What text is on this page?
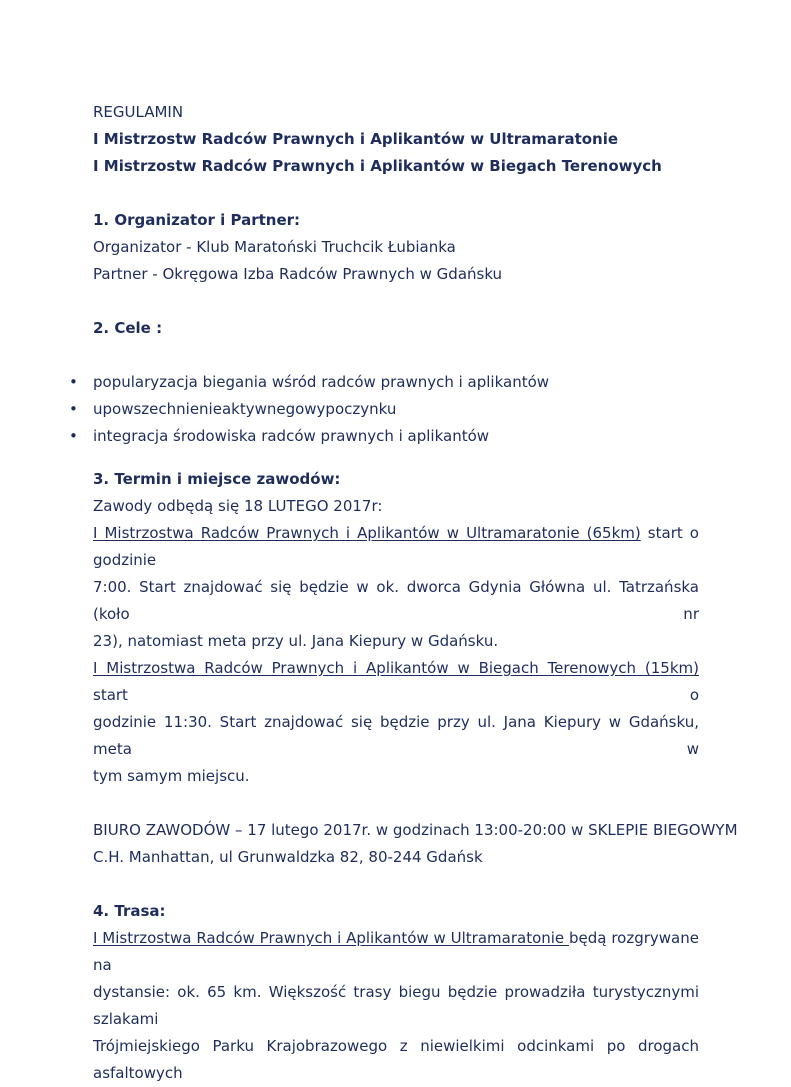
REGULAMIN
I Mistrzostw Radców Prawnych i Aplikantów w Ultramaratonie
I Mistrzostw Radców Prawnych i Aplikantów w Biegach Terenowych
1. Organizator i Partner:
Organizator - Klub Maratoński Truchcik Łubianka
Partner - Okręgowa Izba Radców Prawnych w Gdańsku
2. Cele :
• popularyzacja biegania wśród radców prawnych i aplikantów
• upowszechnienieaktywnegowypoczynku
• integracja środowiska radców prawnych i aplikantów
3. Termin i miejsce zawodów:
Zawody odbędą się 18 LUTEGO 2017r:
I Mistrzostwa Radców Prawnych i Aplikantów w Ultramaratonie (65km) start o godzinie
7:00. Start znajdować się będzie w ok. dworca Gdynia Główna ul. Tatrzańska (koło nr
23), natomiast meta przy ul. Jana Kiepury w Gdańsku.
I Mistrzostwa Radców Prawnych i Aplikantów w Biegach Terenowych (15km) start o
godzinie 11:30. Start znajdować się będzie przy ul. Jana Kiepury w Gdańsku, meta w
tym samym miejscu.
BIURO ZAWODÓW – 17 lutego 2017r. w godzinach 13:00-20:00 w SKLEPIE BIEGOWYM
C.H. Manhattan, ul Grunwaldzka 82, 80-244 Gdańsk
4. Trasa:
I Mistrzostwa Radców Prawnych i Aplikantów w Ultramaratonie będą rozgrywane na
dystansie: ok. 65 km. Większość trasy biegu będzie prowadziła turystycznymi szlakami
Trójmiejskiego Parku Krajobrazowego z niewielkimi odcinkami po drogach asfaltowych
